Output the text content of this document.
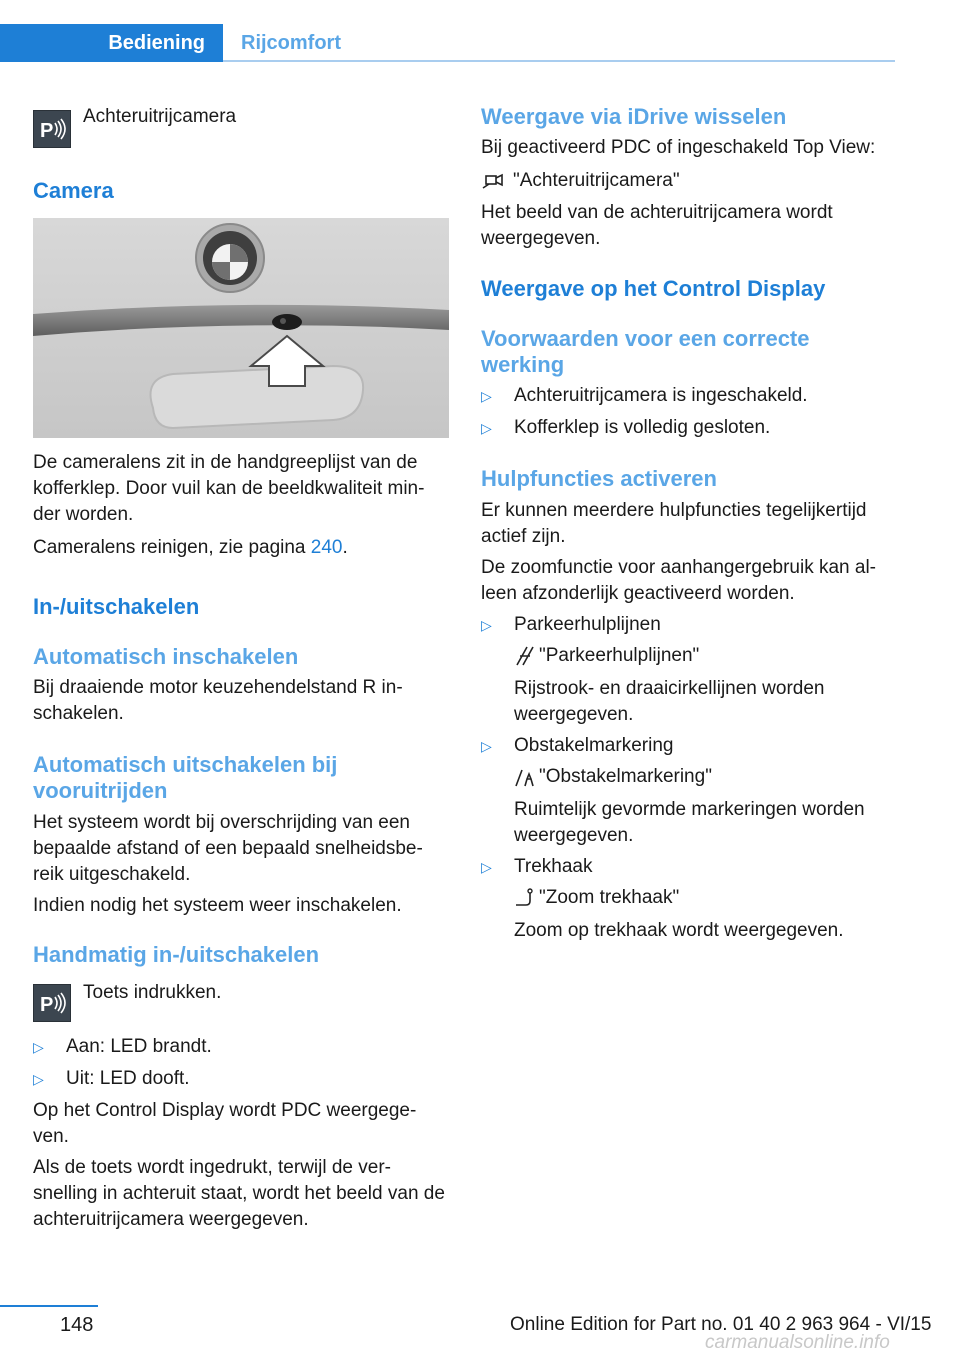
Bediening	Rijcomfort
P

Achteruitrijcamera

Camera

De cameralens zit in de handgreeplijst van de kofferklep. Door vuil kan de beeldkwaliteit min-der worden.

Cameralens reinigen, zie pagina 240.

In-/uitschakelen
Automatisch inschakelen

Bij draaiende motor keuzehendelstand R in-schakelen.

Automatisch uitschakelen bij vooruitrijden

Het systeem wordt bij overschrijding van een bepaalde afstand of een bepaald snelheidsbe-reik uitgeschakeld.

Indien nodig het systeem weer inschakelen.

Handmatig in-/uitschakelen
P

Toets indrukken.

▷ Aan: LED brandt.

▷ Uit: LED dooft.

Op het Control Display wordt PDC weergege-ven.

Als de toets wordt ingedrukt, terwijl de ver-snelling in achteruit staat, wordt het beeld van de achteruitrijcamera weergegeven.

Weergave via iDrive wisselen

Bij geactiveerd PDC of ingeschakeld Top View:

"Achteruitrijcamera"

Het beeld van de achteruitrijcamera wordt weergegeven.

Weergave op het Control Display
Voorwaarden voor een correcte werking
▷ Achteruitrijcamera is ingeschakeld.

▷ Kofferklep is volledig gesloten.

Hulpfuncties activeren

Er kunnen meerdere hulpfuncties tegelijkertijd actief zijn.

De zoomfunctie voor aanhangergebruik kan al-leen afzonderlijk geactiveerd worden.

▷ Parkeerhulplijnen

"Parkeerhulplijnen"

Rijstrook- en draaicirkellijnen worden weergegeven.

▷ Obstakelmarkering

"Obstakelmarkering"

Ruimtelijk gevormde markeringen worden weergegeven.

▷ Trekhaak

"Zoom trekhaak"

Zoom op trekhaak wordt weergegeven.

148	Online Edition for Part no. 01 40 2 963 964 - VI/15
carmanualsonline.info
